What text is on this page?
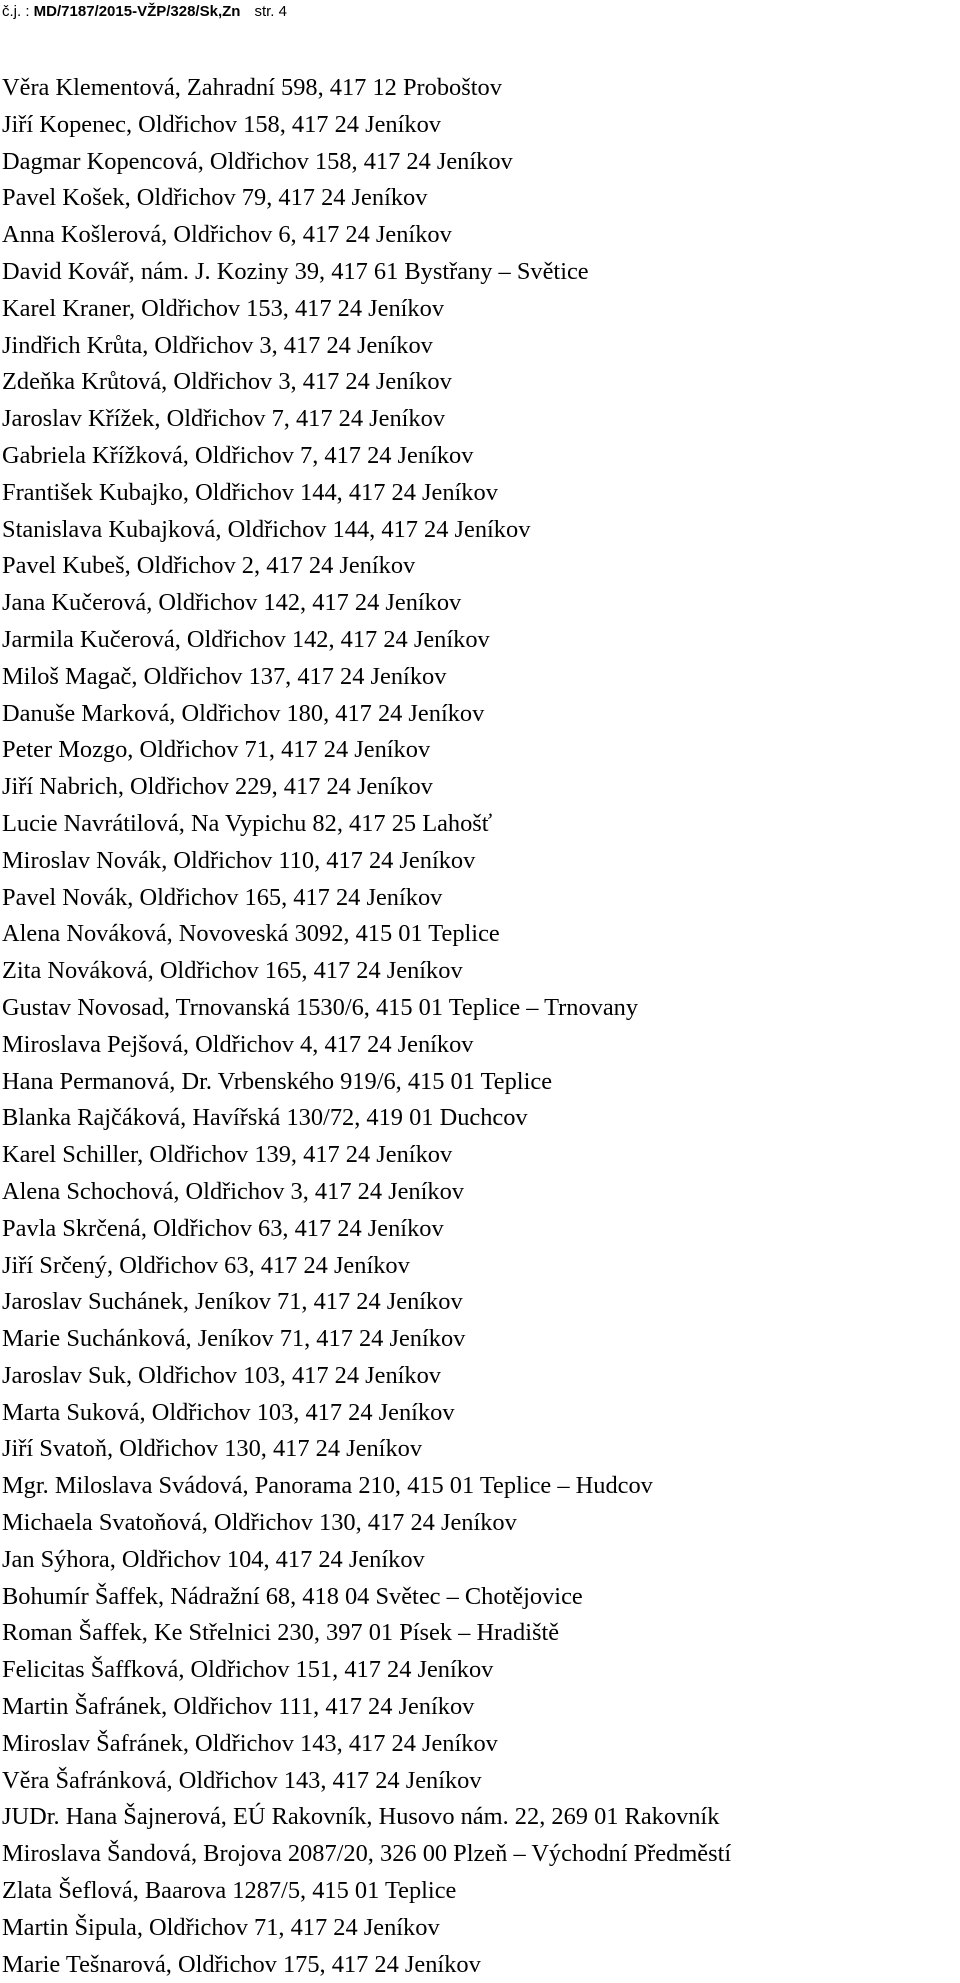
č.j. : MD/7187/2015-VŽP/328/Sk,Zn str. 4
Věra Klementová, Zahradní 598, 417 12 Proboštov
Jiří Kopenec, Oldřichov 158, 417 24 Jeníkov
Dagmar Kopencová, Oldřichov 158, 417 24 Jeníkov
Pavel Košek, Oldřichov 79, 417 24 Jeníkov
Anna Košlerová, Oldřichov 6, 417 24 Jeníkov
David Kovář, nám. J. Koziny 39, 417 61 Bystřany – Světice
Karel Kraner, Oldřichov 153, 417 24 Jeníkov
Jindřich Krůta, Oldřichov 3, 417 24 Jeníkov
Zdeňka Krůtová, Oldřichov 3, 417 24 Jeníkov
Jaroslav Křížek, Oldřichov 7, 417 24 Jeníkov
Gabriela Křížková, Oldřichov 7, 417 24 Jeníkov
František Kubajko, Oldřichov 144, 417 24 Jeníkov
Stanislava Kubajková, Oldřichov 144, 417 24 Jeníkov
Pavel Kubeš, Oldřichov 2, 417 24 Jeníkov
Jana Kučerová, Oldřichov 142, 417 24 Jeníkov
Jarmila Kučerová, Oldřichov 142, 417 24 Jeníkov
Miloš Magač, Oldřichov 137, 417 24 Jeníkov
Danuše Marková, Oldřichov 180, 417 24 Jeníkov
Peter Mozgo, Oldřichov 71, 417 24 Jeníkov
Jiří Nabrich, Oldřichov 229, 417 24 Jeníkov
Lucie Navrátilová, Na Vypichu 82, 417 25 Lahošť
Miroslav Novák, Oldřichov 110, 417 24 Jeníkov
Pavel Novák, Oldřichov 165, 417 24 Jeníkov
Alena Nováková, Novoveská 3092, 415 01 Teplice
Zita Nováková, Oldřichov 165, 417 24 Jeníkov
Gustav Novosad, Trnovanská 1530/6, 415 01 Teplice – Trnovany
Miroslava Pejšová, Oldřichov 4, 417 24 Jeníkov
Hana Permanová, Dr. Vrbenského 919/6, 415 01 Teplice
Blanka Rajčáková, Havířská 130/72, 419 01 Duchcov
Karel Schiller, Oldřichov 139, 417 24 Jeníkov
Alena Schochová, Oldřichov 3, 417 24 Jeníkov
Pavla Skrčená, Oldřichov 63, 417 24 Jeníkov
Jiří Srčený, Oldřichov 63, 417 24 Jeníkov
Jaroslav Suchánek, Jeníkov 71, 417 24 Jeníkov
Marie Suchánková, Jeníkov 71, 417 24 Jeníkov
Jaroslav Suk, Oldřichov 103, 417 24 Jeníkov
Marta Suková, Oldřichov 103, 417 24 Jeníkov
Jiří Svatoň, Oldřichov 130, 417 24 Jeníkov
Mgr. Miloslava Svádová, Panorama 210, 415 01 Teplice – Hudcov
Michaela Svatoňová, Oldřichov 130, 417 24 Jeníkov
Jan Sýhora, Oldřichov 104, 417 24 Jeníkov
Bohumír Šaffek, Nádražní 68, 418 04 Světec – Chotějovice
Roman Šaffek, Ke Střelnici 230, 397 01 Písek – Hradiště
Felicitas Šaffková, Oldřichov 151, 417 24 Jeníkov
Martin Šafránek, Oldřichov 111, 417 24 Jeníkov
Miroslav Šafránek, Oldřichov 143, 417 24 Jeníkov
Věra Šafránková, Oldřichov 143, 417 24 Jeníkov
JUDr. Hana Šajnerová, EÚ Rakovník, Husovo nám. 22, 269 01 Rakovník
Miroslava Šandová, Brojova 2087/20, 326 00 Plzeň – Východní Předměstí
Zlata Šeflová, Baarova 1287/5, 415 01 Teplice
Martin Šipula, Oldřichov 71, 417 24 Jeníkov
Marie Tešnarová, Oldřichov 175, 417 24 Jeníkov
